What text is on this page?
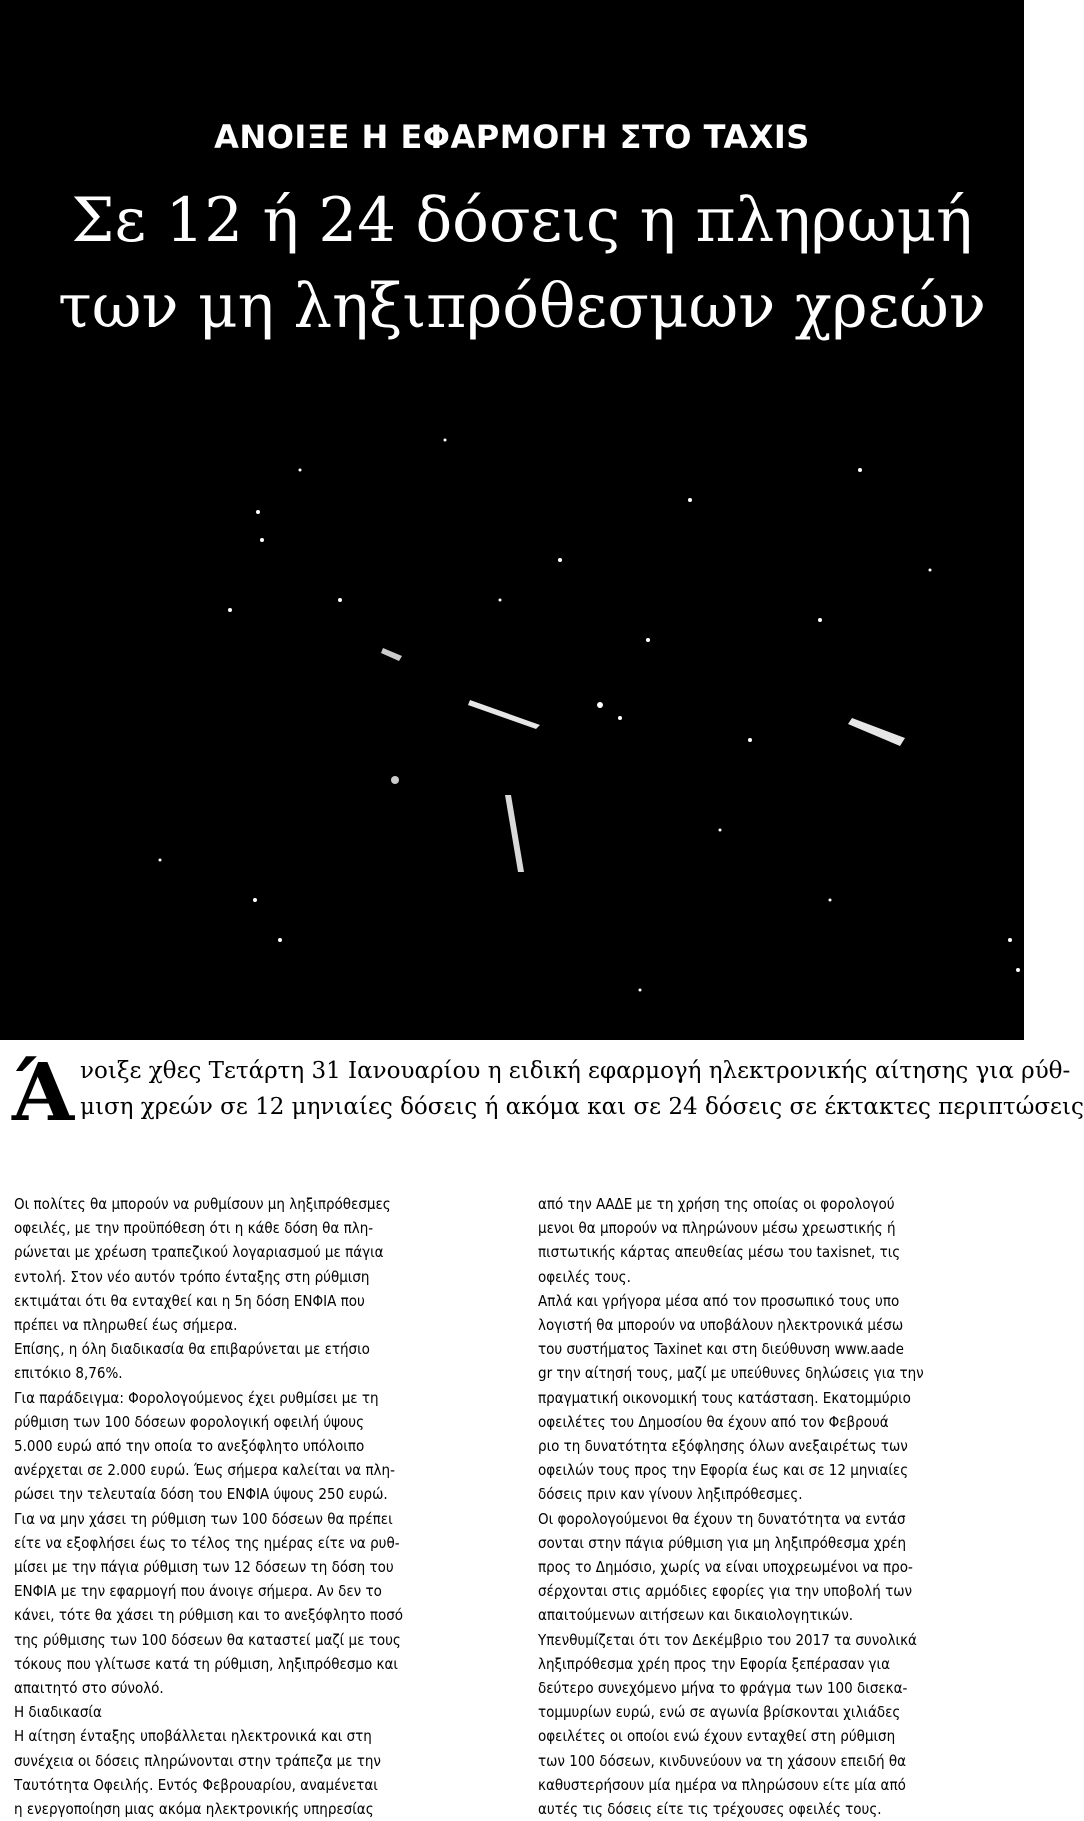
ΑΝΟΙΞΕ Η ΕΦΑΡΜΟΓΗ ΣΤΟ TAXIS
Σε 12 ή 24 δόσεις η πληρωμή
των μη ληξιπρόθεσμων χρεών
Ά νοιξε χθες Τετάρτη 31 Ιανουαρίου η ειδική εφαρμογή ηλεκτρονικής αίτησης για ρύθ-
μιση χρεών σε 12 μηνιαίες δόσεις ή ακόμα και σε 24 δόσεις σε έκτακτες περιπτώσεις

Οι πολίτες θα μπορούν να ρυθμίσουν μη ληξιπρόθεσμες

οφειλές, με την προϋπόθεση ότι η κάθε δόση θα πλη-

ρώνεται με χρέωση τραπεζικού λογαριασμού με πάγια

εντολή. Στον νέο αυτόν τρόπο ένταξης στη ρύθμιση

εκτιμάται ότι θα ενταχθεί και η 5η δόση ΕΝΦΙΑ που

πρέπει να πληρωθεί έως σήμερα.

Επίσης, η όλη διαδικασία θα επιβαρύνεται με ετήσιο

επιτόκιο 8,76%.

Για παράδειγμα: Φορολογούμενος έχει ρυθμίσει με τη

ρύθμιση των 100 δόσεων φορολογική οφειλή ύψους

5.000 ευρώ από την οποία το ανεξόφλητο υπόλοιπο

ανέρχεται σε 2.000 ευρώ. Έως σήμερα καλείται να πλη-

ρώσει την τελευταία δόση του ΕΝΦΙΑ ύψους 250 ευρώ.

Για να μην χάσει τη ρύθμιση των 100 δόσεων θα πρέπει

είτε να εξοφλήσει έως το τέλος της ημέρας είτε να ρυθ-

μίσει με την πάγια ρύθμιση των 12 δόσεων τη δόση του

ΕΝΦΙΑ με την εφαρμογή που άνοιγε σήμερα. Αν δεν το

κάνει, τότε θα χάσει τη ρύθμιση και το ανεξόφλητο ποσό

της ρύθμισης των 100 δόσεων θα καταστεί μαζί με τους

τόκους που γλίτωσε κατά τη ρύθμιση, ληξιπρόθεσμο και

απαιτητό στο σύνολό.

Η διαδικασία

Η αίτηση ένταξης υποβάλλεται ηλεκτρονικά και στη

συνέχεια οι δόσεις πληρώνονται στην τράπεζα με την

Ταυτότητα Οφειλής. Εντός Φεβρουαρίου, αναμένεται

η ενεργοποίηση μιας ακόμα ηλεκτρονικής υπηρεσίας

από την ΑΑΔΕ με τη χρήση της οποίας οι φορολογού

μενοι θα μπορούν να πληρώνουν μέσω χρεωστικής ή

πιστωτικής κάρτας απευθείας μέσω του taxisnet, τις

οφειλές τους.

Απλά και γρήγορα μέσα από τον προσωπικό τους υπο

λογιστή θα μπορούν να υποβάλουν ηλεκτρονικά μέσω

του συστήματος Taxinet και στη διεύθυνση www.aade

gr την αίτησή τους, μαζί με υπεύθυνες δηλώσεις για την

πραγματική οικονομική τους κατάσταση. Εκατομμύριο

οφειλέτες του Δημοσίου θα έχουν από τον Φεβρουά

ριο τη δυνατότητα εξόφλησης όλων ανεξαιρέτως των

οφειλών τους προς την Εφορία έως και σε 12 μηνιαίες

δόσεις πριν καν γίνουν ληξιπρόθεσμες.

Οι φορολογούμενοι θα έχουν τη δυνατότητα να εντάσ

σονται στην πάγια ρύθμιση για μη ληξιπρόθεσμα χρέη

προς το Δημόσιο, χωρίς να είναι υποχρεωμένοι να προ-

σέρχονται στις αρμόδιες εφορίες για την υποβολή των

απαιτούμενων αιτήσεων και δικαιολογητικών.

Υπενθυμίζεται ότι τον Δεκέμβριο του 2017 τα συνολικά

ληξιπρόθεσμα χρέη προς την Εφορία ξεπέρασαν για

δεύτερο συνεχόμενο μήνα το φράγμα των 100 δισεκα-

τομμυρίων ευρώ, ενώ σε αγωνία βρίσκονται χιλιάδες

οφειλέτες οι οποίοι ενώ έχουν ενταχθεί στη ρύθμιση

των 100 δόσεων, κινδυνεύουν να τη χάσουν επειδή θα

καθυστερήσουν μία ημέρα να πληρώσουν είτε μία από

αυτές τις δόσεις είτε τις τρέχουσες οφειλές τους.
